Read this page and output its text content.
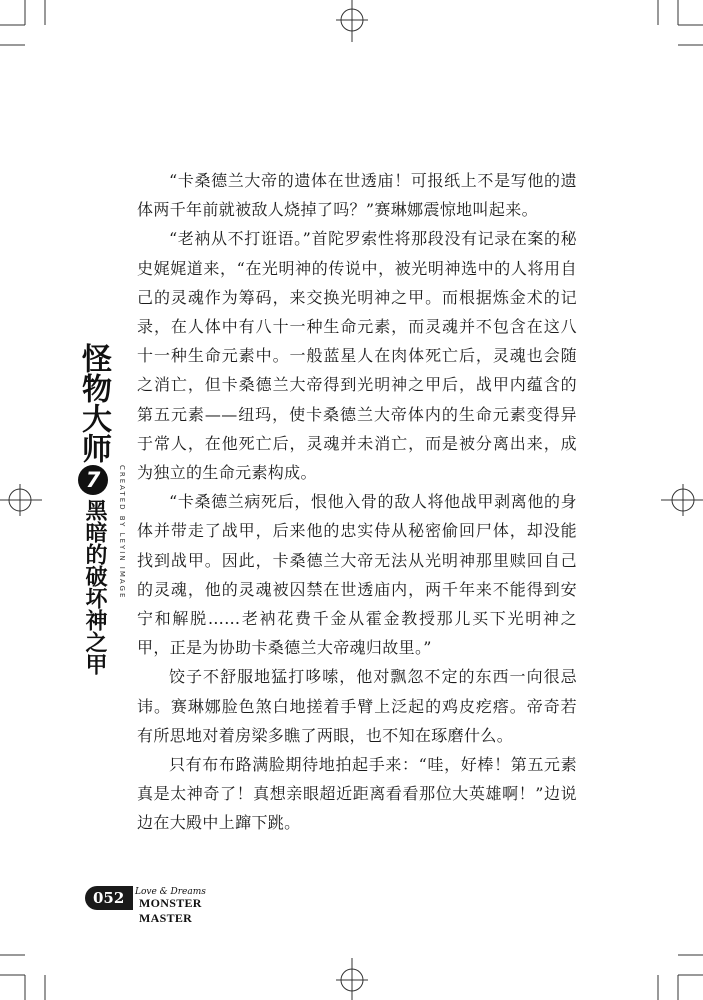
怪物大师
7
黑暗的破坏神之甲 CREATED BY LEYIN IMAGE

“卡桑德兰大帝的遗体在世透庙！可报纸上不是写他的遗体两千年前就被敌人烧掉了吗？”赛琳娜震惊地叫起来。

“老衲从不打诳语。”首陀罗索性将那段没有记录在案的秘史娓娓道来，“在光明神的传说中，被光明神选中的人将用自己的灵魂作为筹码，来交换光明神之甲。而根据炼金术的记录，在人体中有八十一种生命元素，而灵魂并不包含在这八十一种生命元素中。一般蓝星人在肉体死亡后，灵魂也会随之消亡，但卡桑德兰大帝得到光明神之甲后，战甲内蕴含的第五元素——纽玛，使卡桑德兰大帝体内的生命元素变得异于常人，在他死亡后，灵魂并未消亡，而是被分离出来，成为独立的生命元素构成。

“卡桑德兰病死后，恨他入骨的敌人将他战甲剥离他的身体并带走了战甲，后来他的忠实侍从秘密偷回尸体，却没能找到战甲。因此，卡桑德兰大帝无法从光明神那里赎回自己的灵魂，他的灵魂被囚禁在世透庙内，两千年来不能得到安宁和解脱……老衲花费千金从霍金教授那儿买下光明神之甲，正是为协助卡桑德兰大帝魂归故里。”

饺子不舒服地猛打哆嗦，他对飘忽不定的东西一向很忌讳。赛琳娜脸色煞白地搓着手臂上泛起的鸡皮疙瘩。帝奇若有所思地对着房梁多瞧了两眼，也不知在琢磨什么。

只有布布路满脸期待地拍起手来：“哇，好棒！第五元素真是太神奇了！真想亲眼超近距离看看那位大英雄啊！”边说边在大殿中上蹿下跳。

052 Love & Dreams
MONSTER MASTER
